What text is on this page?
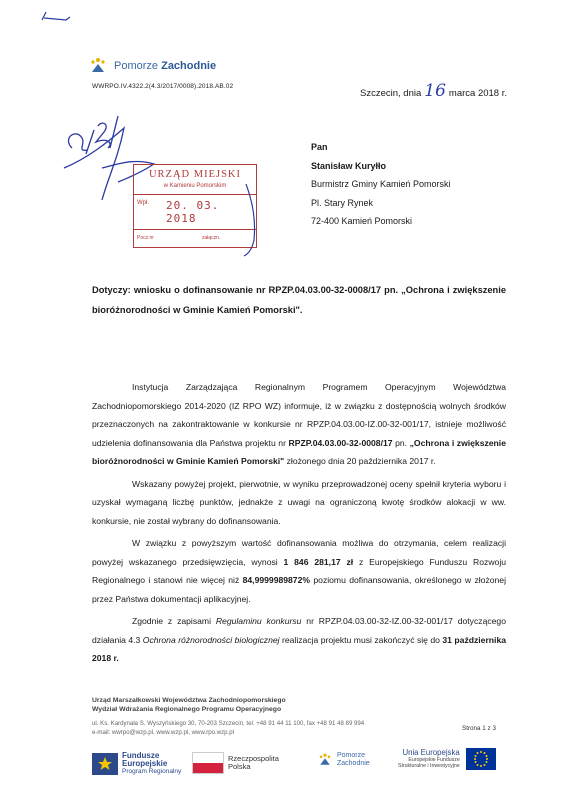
Pomorze Zachodnie
WWRPO.IV.4322.2(4.3/2017/0008).2018.AB.02
Szczecin, dnia 16 marca 2018 r.
Pan
Stanisław Kuryłło
Burmistrz Gminy Kamień Pomorski
Pl. Stary Rynek
72-400 Kamień Pomorski
URZĄD MIEJSKI
w Kamieniu Pomorskim
Wpł. 20. 03. 2018
Pocz.nr	załączn.
Dotyczy: wniosku o dofinansowanie nr RPZP.04.03.00-32-0008/17 pn. „Ochrona i zwiększenie bioróżnorodności w Gminie Kamień Pomorski".

Instytucja Zarządzająca Regionalnym Programem Operacyjnym Województwa Zachodniopomorskiego 2014-2020 (IZ RPO WZ) informuje, iż w związku z dostępnością wolnych środków przeznaczonych na zakontraktowanie w konkursie nr RPZP.04.03.00-IZ.00-32-001/17, istnieje możliwość udzielenia dofinansowania dla Państwa projektu nr RPZP.04.03.00-32-0008/17 pn. „Ochrona i zwiększenie bioróżnorodności w Gminie Kamień Pomorski" złożonego dnia 20 października 2017 r.

Wskazany powyżej projekt, pierwotnie, w wyniku przeprowadzonej oceny spełnił kryteria wyboru i uzyskał wymaganą liczbę punktów, jednakże z uwagi na ograniczoną kwotę środków alokacji w ww. konkursie, nie został wybrany do dofinansowania.

W związku z powyższym wartość dofinansowania możliwa do otrzymania, celem realizacji powyżej wskazanego przedsięwzięcia, wynosi 1 846 281,17 zł z Europejskiego Funduszu Rozwoju Regionalnego i stanowi nie więcej niż 84,9999989872% poziomu dofinansowania, określonego w złożonej przez Państwa dokumentacji aplikacyjnej.

Zgodnie z zapisami Regulaminu konkursu nr RPZP.04.03.00-32-IZ.00-32-001/17 dotyczącego działania 4.3 Ochrona różnorodności biologicznej realizacja projektu musi zakończyć się do 31 października 2018 r.

Urząd Marszałkowski Województwa Zachodniopomorskiego
Wydział Wdrażania Regionalnego Programu Operacyjnego
ul. Ks. Kardynała S. Wyszyńskiego 30, 70-203 Szczecin, tel. +48 91 44 11 100, fax +48 91 48 89 994
e-mail: wwrpo@wzp.pl, www.wzp.pl, www.rpo.wzp.pl
Strona 1 z 3
Fundusze
Europejskie
Program Regionalny
Rzeczpospolita
Polska
Pomorze
Zachodnie
Unia Europejska
Europejskie Fundusze
Strukturalne i Inwestycyjne
